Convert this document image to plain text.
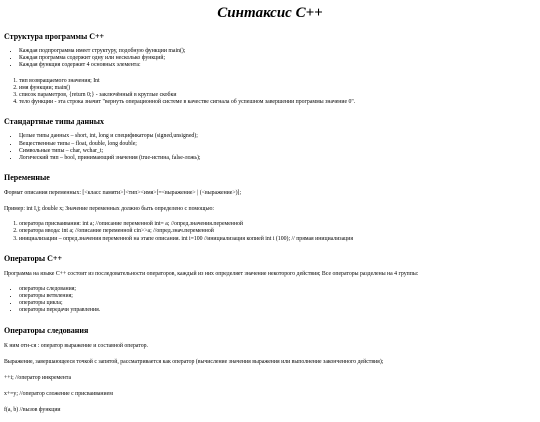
Синтаксис С++
Структура программы С++
• Каждая подпрограмма имеет структуру, подобную функции main();
• Каждая программа содержит одну или несколько функций;
• Каждая функция содержит 4 основных элемента:
1. тип возвращаемого значения; Int
2. имя функции; main()
3. список параметров, {return 0;} - заключённый в круглые скобки
4. тело функции - эта строка значит "вернуть операционной системе в качестве сигнала об успешном завершении программы значение 0".
Стандартные типы данных
• Целые типы данных – short, int, long и спецификаторы (signed,unsigned);
• Вещественные типы – float, double, long double;
• Символьные типы – char, wchar_t;
• Логический тип – bool, принимающий значения (true-истина, false-ложь);
Переменные

Формат описания переменных: [<класс памяти>]<тип><имя>[=<выражение> | (<выражение>)];

Пример: int I,j; double x; Значение переменных должно быть определено с помощью:

1. оператора присваивания: int a; //описание переменной int= a; //опред.значения.переменной
2. оператора ввода: int a; //описание переменной cin>>a; //опред.знач.переменной
3. инициализации – опред.значения переменной на этапе описания. int i=100 //инициализация копией int i (100); // прямая инициализация
Операторы С++

Программа на языке С++ состоит из последовательности операторов, каждый из них определяет значение некоторого действия; Все операторы разделены на 4 группы:

• операторы следования;
• операторы ветвления;
• операторы цикла;
• операторы передачи управления.
Операторы следования

К ним отн-ся : оператор выражение и составной оператор.

Выражение, завершающееся точкой с запятой, рассматривается как оператор (вычисление значения выражения или выполнение законченного действия);

++i; //оператор инкремента

x+=y; //оператор сложение с присваиванием

f(a, b) //вызов функции
